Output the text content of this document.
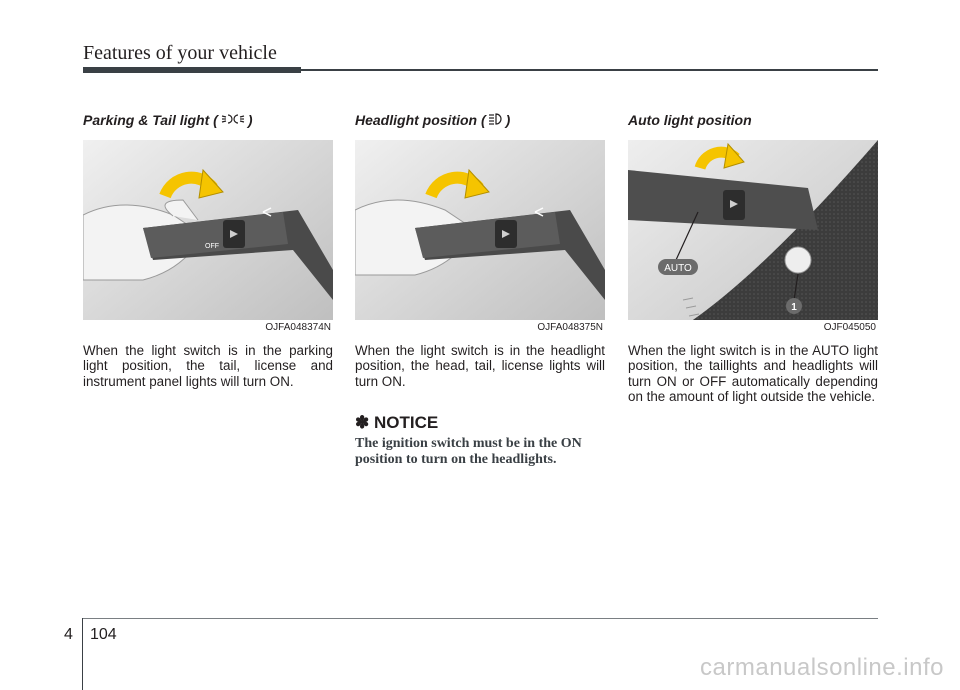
Features of your vehicle
Parking & Tail light ( )
OFF
OJFA048374N
When the light switch is in the parking light position, the tail, license and instrument panel lights will turn ON.
Headlight position ( )
OJFA048375N
When the light switch is in the headlight position, the head, tail, license lights will turn ON.
✽ NOTICE
The ignition switch must be in the ON position to turn on the headlights.
Auto light position
AUTO
1
OJF045050
When the light switch is in the AUTO light position, the taillights and headlights will turn ON or OFF automatically depending on the amount of light outside the vehicle.
4 104
carmanualsonline.info
